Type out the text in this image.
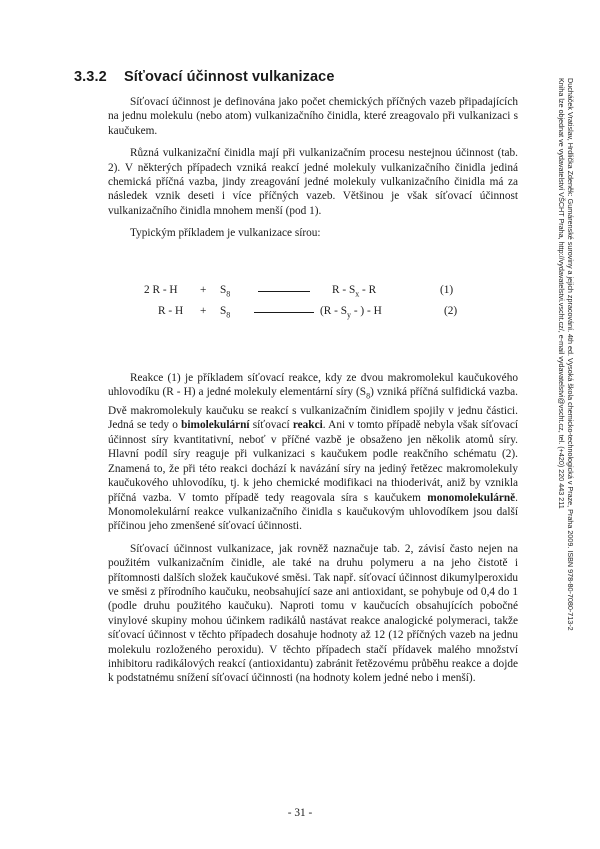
3.3.2 Síťovací účinnost vulkanizace

Síťovací účinnost je definována jako počet chemických příčných vazeb připadajících na jednu molekulu (nebo atom) vulkanizačního činidla, které zreagovalo při vulkanizaci s kaučukem.

Různá vulkanizační činidla mají při vulkanizačním procesu nestejnou účinnost (tab. 2). V některých případech vzniká reakcí jedné molekuly vulkanizačního činidla jediná chemická příčná vazba, jindy zreagování jedné molekuly vulkanizačního činidla má za následek vznik deseti i více příčných vazeb. Většinou je však síťovací účinnost vulkanizačního činidla mnohem menší (pod 1).

Typickým příkladem je vulkanizace sírou:

2 $R - H + S_8$	R - $S_x$ - R	(1)
$R - H + S_8$	($R - S_y$ - ) - H	(2)

Reakce (1) je příkladem síťovací reakce, kdy ze dvou makromolekul kaučukového uhlovodíku (R - H) a jedné molekuly elementární síry $(S_8)$ vzniká příčná sulfidická vazba. Dvě makromolekuly kaučuku se reakcí s vulkanizačním činidlem spojily v jednu částici. Jedná se tedy o bimolekulární síťovací reakci. Ani v tomto případě nebyla však síťovací účinnost síry kvantitativní, neboť v příčné vazbě je obsaženo jen několik atomů síry. Hlavní podíl síry reaguje při vulkanizaci s kaučukem podle reakčního schématu (2). Znamená to, že při této reakci dochází k navázání síry na jediný řetězec makromolekuly kaučukového uhlovodíku, tj. k jeho chemické modifikaci na thioderivát, aniž by vznikla příčná vazba. V tomto případě tedy reagovala síra s kaučukem monomolekulárně. Monomolekulární reakce vulkanizačního činidla s kaučukovým uhlovodíkem jsou další příčinou jeho zmenšené síťovací účinnosti.

Síťovací účinnost vulkanizace, jak rovněž naznačuje tab. 2, závisí často nejen na použitém vulkanizačním činidle, ale také na druhu polymeru a na jeho čistotě i přítomnosti dalších složek kaučukové směsi. Tak např. síťovací účinnost dikumylperoxidu ve směsi z přírodního kaučuku, neobsahující saze ani antioxidant, se pohybuje od 0,4 do 1 (podle druhu použitého kaučuku). Naproti tomu v kaučucích obsahujících pobočné vinylové skupiny mohou účinkem radikálů nastávat reakce analogické polymeraci, takže síťovací účinnost v těchto případech dosahuje hodnoty až 12 (12 příčných vazeb na jednu molekulu rozloženého peroxidu). V těchto případech stačí přídavek malého množství inhibitoru radikálových reakcí (antioxidantu) zabránit řetězovému průběhu reakce a dojde k podstatnému snížení síťovací účinnosti (na hodnoty kolem jedné nebo i menší).

- 31 -
Ducháček Vratislav, Hrdlička Zdeněk: Gumárenské suroviny a jejich zpracování. 4th ed. Vysoká škola chemicko-technologická v Praze, Praha 2009. ISBN 978-80-7080-713-2
Kniha lze objednat ve vydavatelství VŠCHT Praha, http://vydavatelstvi.vscht.cz/, e-mail vydavatelstvi@vscht.cz, tel. (+420) 220 443 211
